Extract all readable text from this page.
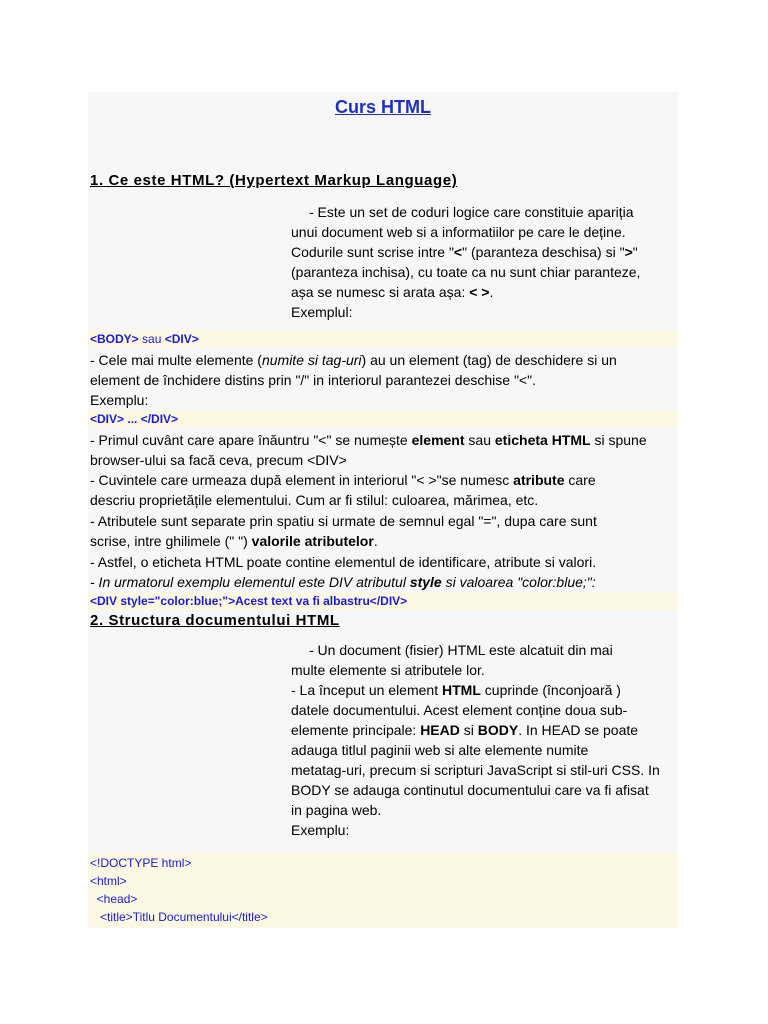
Curs HTML
1. Ce este HTML? (Hypertext Markup Language)

- Este un set de coduri logice care constituie apariția

unui document web si a informatiilor pe care le deține.

Codurile sunt scrise intre "<" (paranteza deschisa) si ">"

(paranteza inchisa), cu toate ca nu sunt chiar paranteze,

așa se numesc si arata așa: < >.

Exemplul:

<BODY> sau <DIV>
- Cele mai multe elemente (numite si tag-uri) au un element (tag) de deschidere si un
element de închidere distins prin "/" in interiorul parantezei deschise "<".
Exemplu:
<DIV> ... </DIV>
- Primul cuvânt care apare înăuntru "<" se numește element sau eticheta HTML si spune
browser-ului sa facă ceva, precum <DIV>
- Cuvintele care urmeaza după element in interiorul "< >"se numesc atribute care
descriu proprietățile elementului. Cum ar fi stilul: culoarea, mărimea, etc.
- Atributele sunt separate prin spatiu si urmate de semnul egal "=", dupa care sunt
scrise, intre ghilimele (" ") valorile atributelor.
- Astfel, o eticheta HTML poate contine elementul de identificare, atribute si valori.
- In urmatorul exemplu elementul este DIV atributul style si valoarea "color:blue;":
<DIV style="color:blue;">Acest text va fi albastru</DIV>
2. Structura documentului HTML

- Un document (fisier) HTML este alcatuit din mai

multe elemente si atributele lor.

- La început un element HTML cuprinde (înconjoară )

datele documentului. Acest element conține doua sub-

elemente principale: HEAD si BODY. In HEAD se poate

adauga titlul paginii web si alte elemente numite

metatag-uri, precum si scripturi JavaScript si stil-uri CSS. In

BODY se adauga continutul documentului care va fi afisat

in pagina web.

Exemplu:

<!DOCTYPE html>
<html>
<head>
<title>Titlu Documentului</title>
